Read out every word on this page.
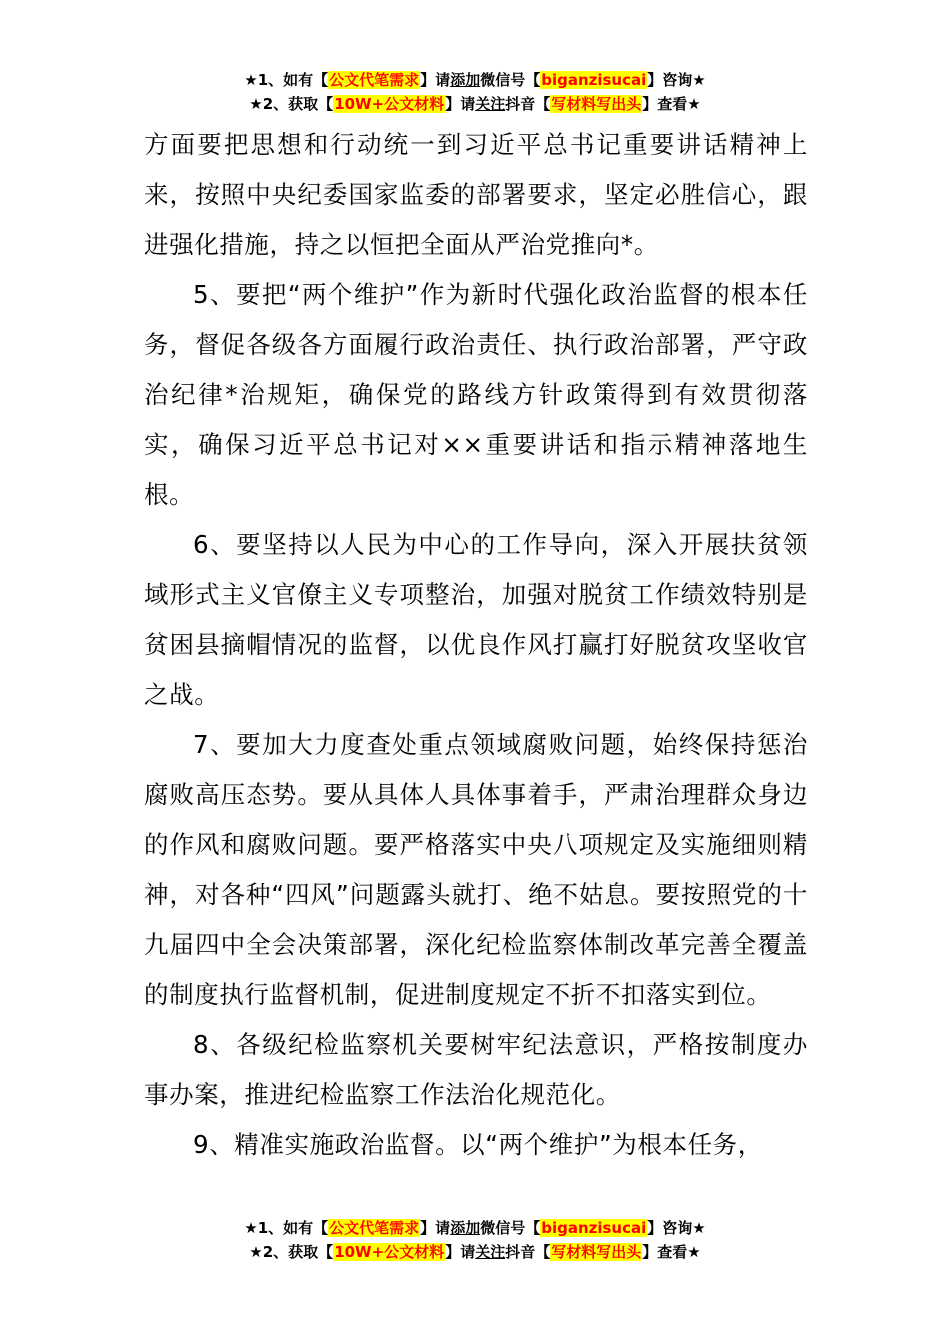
★1、如有【公文代笔需求】请添加微信号【biganzisucai】咨询★
★2、获取【10W+公文材料】请关注抖音【写材料写出头】查看★

方面要把思想和行动统一到习近平总书记重要讲话精神上来，按照中央纪委国家监委的部署要求，坚定必胜信心，跟进强化措施，持之以恒把全面从严治党推向*。

5、要把“两个维护”作为新时代强化政治监督的根本任务，督促各级各方面履行政治责任、执行政治部署，严守政治纪律*治规矩，确保党的路线方针政策得到有效贯彻落实，确保习近平总书记对××重要讲话和指示精神落地生根。

6、要坚持以人民为中心的工作导向，深入开展扶贫领域形式主义官僚主义专项整治，加强对脱贫工作绩效特别是贫困县摘帽情况的监督，以优良作风打赢打好脱贫攻坚收官之战。

7、要加大力度查处重点领域腐败问题，始终保持惩治腐败高压态势。要从具体人具体事着手，严肃治理群众身边的作风和腐败问题。要严格落实中央八项规定及实施细则精神，对各种“四风”问题露头就打、绝不姑息。要按照党的十九届四中全会决策部署，深化纪检监察体制改革完善全覆盖的制度执行监督机制，促进制度规定不折不扣落实到位。

8、各级纪检监察机关要树牢纪法意识，严格按制度办事办案，推进纪检监察工作法治化规范化。

9、精准实施政治监督。以“两个维护”为根本任务，

★1、如有【公文代笔需求】请添加微信号【biganzisucai】咨询★
★2、获取【10W+公文材料】请关注抖音【写材料写出头】查看★
